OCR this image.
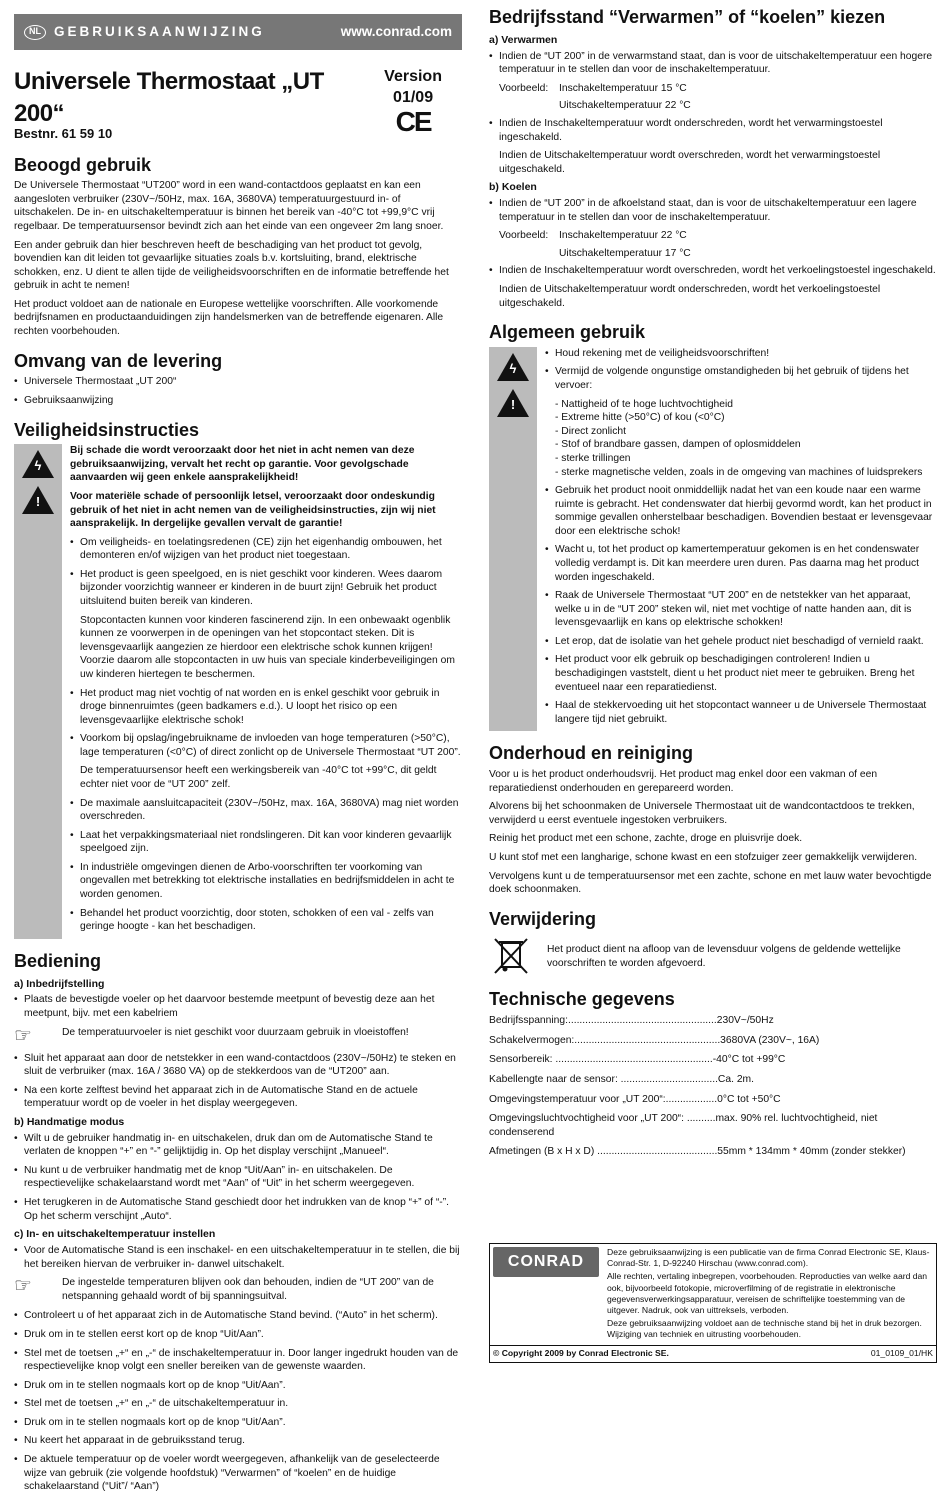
NL GEBRUIKSAANWIJZING	www.conrad.com
Universele Thermostaat „UT 200“
Bestnr. 61 59 10
Version 01/09
CE
Beoogd gebruik

De Universele Thermostaat “UT200” word in een wand-contactdoos geplaatst en kan een aangesloten verbruiker (230V~/50Hz, max. 16A, 3680VA) temperatuurgestuurd in- of uitschakelen. De in- en uitschakeltemperatuur is binnen het bereik van -40°C tot +99,9°C vrij regelbaar. De temperatuursensor bevindt zich aan het einde van een ongeveer 2m lang snoer.

Een ander gebruik dan hier beschreven heeft de beschadiging van het product tot gevolg, bovendien kan dit leiden tot gevaarlijke situaties zoals b.v. kortsluiting, brand, elektrische schokken, enz. U dient te allen tijde de veiligheidsvoorschriften en de informatie betreffende het gebruik in acht te nemen!

Het product voldoet aan de nationale en Europese wettelijke voorschriften. Alle voorkomende bedrijfsnamen en productaanduidingen zijn handelsmerken van de betreffende eigenaren. Alle rechten voorbehouden.

Omvang van de levering
• Universele Thermostaat „UT 200“
• Gebruiksaanwijzing
Veiligheidsinstructies
ϟ
!

Bij schade die wordt veroorzaakt door het niet in acht nemen van deze gebruiksaanwijzing, vervalt het recht op garantie. Voor gevolgschade aanvaarden wij geen enkele aansprakelijkheid!

Voor materiële schade of persoonlijk letsel, veroorzaakt door ondeskundig gebruik of het niet in acht nemen van de veiligheidsinstructies, zijn wij niet aansprakelijk. In dergelijke gevallen vervalt de garantie!

• Om veiligheids- en toelatingsredenen (CE) zijn het eigenhandig ombouwen, het demonteren en/of wijzigen van het product niet toegestaan.
• Het product is geen speelgoed, en is niet geschikt voor kinderen. Wees daarom bijzonder voorzichtig wanneer er kinderen in de buurt zijn! Gebruik het product uitsluitend buiten bereik van kinderen.

Stopcontacten kunnen voor kinderen fascinerend zijn. In een onbewaakt ogenblik kunnen ze voorwerpen in de openingen van het stopcontact steken. Dit is levensgevaarlijk aangezien ze hierdoor een elektrische schok kunnen krijgen! Voorzie daarom alle stopcontacten in uw huis van speciale kinderbeveiligingen om uw kinderen hiertegen te beschermen.

• Het product mag niet vochtig of nat worden en is enkel geschikt voor gebruik in droge binnenruimtes (geen badkamers e.d.). U loopt het risico op een levensgevaarlijke elektrische schok!
• Voorkom bij opslag/ingebruikname de invloeden van hoge temperaturen (>50°C), lage temperaturen (<0°C) of direct zonlicht op de Universele Thermostaat “UT 200”.

De temperatuursensor heeft een werkingsbereik van -40°C tot +99°C, dit geldt echter niet voor de “UT 200” zelf.

• De maximale aansluitcapaciteit (230V~/50Hz, max. 16A, 3680VA) mag niet worden overschreden.
• Laat het verpakkingsmateriaal niet rondslingeren. Dit kan voor kinderen gevaarlijk speelgoed zijn.
• In industriële omgevingen dienen de Arbo-voorschriften ter voorkoming van ongevallen met betrekking tot elektrische installaties en bedrijfsmiddelen in acht te worden genomen.
• Behandel het product voorzichtig, door stoten, schokken of een val - zelfs van geringe hoogte - kan het beschadigen.
Bediening
a) Inbedrijfstelling
• Plaats de bevestigde voeler op het daarvoor bestemde meetpunt of bevestig deze aan het meetpunt, bijv. met een kabelriem
☞	De temperatuurvoeler is niet geschikt voor duurzaam gebruik in vloeistoffen!
• Sluit het apparaat aan door de netstekker in een wand-contactdoos (230V~/50Hz) te steken en sluit de verbruiker (max. 16A / 3680 VA) op de stekkerdoos van de “UT200” aan.
• Na een korte zelftest bevind het apparaat zich in de Automatische Stand en de actuele temperatuur wordt op de voeler in het display weergegeven.
b) Handmatige modus
• Wilt u de gebruiker handmatig in- en uitschakelen, druk dan om de Automatische Stand te verlaten de knoppen “+” en “-” gelijktijdig in. Op het display verschijnt „Manueel“.
• Nu kunt u de verbruiker handmatig met de knop “Uit/Aan” in- en uitschakelen. De respectievelijke schakelaarstand wordt met “Aan” of “Uit” in het scherm weergegeven.
• Het terugkeren in de Automatische Stand geschiedt door het indrukken van de knop “+” of “-”. Op het scherm verschijnt „Auto“.
c) In- en uitschakeltemperatuur instellen
• Voor de Automatische Stand is een inschakel- en een uitschakeltemperatuur in te stellen, die bij het bereiken hiervan de verbruiker in- danwel uitschakelt.
☞	De ingestelde temperaturen blijven ook dan behouden, indien de “UT 200” van de netspanning gehaald wordt of bij spanningsuitval.
• Controleert u of het apparaat zich in de Automatische Stand bevind. (“Auto” in het scherm).
• Druk om in te stellen eerst kort op de knop “Uit/Aan”.
• Stel met de toetsen „+“ en „-“ de inschakeltemperatuur in. Door langer ingedrukt houden van de respectievelijke knop volgt een sneller bereiken van de gewenste waarden.
• Druk om in te stellen nogmaals kort op de knop “Uit/Aan”.
• Stel met de toetsen „+“ en „-“ de uitschakeltemperatuur in.
• Druk om in te stellen nogmaals kort op de knop “Uit/Aan”.
• Nu keert het apparaat in de gebruiksstand terug.
• De aktuele temperatuur op de voeler wordt weergegeven, afhankelijk van de geselecteerde wijze van gebruik (zie volgende hoofdstuk) “Verwarmen” of “koelen” en de huidige schakelaarstand (“Uit”/ “Aan”)
Bedrijfsstand “Verwarmen” of “koelen” kiezen
a) Verwarmen
• Indien de “UT 200” in de verwarmstand staat, dan is voor de uitschakeltemperatuur een hogere temperatuur in te stellen dan voor de inschakeltemperatuur.
Voorbeeld:	Inschakeltemperatuur 15 °C
Uitschakeltemperatuur 22 °C
• Indien de Inschakeltemperatuur wordt onderschreden, wordt het verwarmingstoestel ingeschakeld.

Indien de Uitschakeltemperatuur wordt overschreden, wordt het verwarmingstoestel uitgeschakeld.

b) Koelen
• Indien de “UT 200” in de afkoelstand staat, dan is voor de uitschakeltemperatuur een lagere temperatuur in te stellen dan voor de inschakeltemperatuur.
Voorbeeld:	Inschakeltemperatuur 22 °C
Uitschakeltemperatuur 17 °C
• Indien de Inschakeltemperatuur wordt overschreden, wordt het verkoelingstoestel ingeschakeld.

Indien de Uitschakeltemperatuur wordt onderschreden, wordt het verkoelingstoestel uitgeschakeld.

Algemeen gebruik
ϟ
!
• Houd rekening met de veiligheidsvoorschriften!
• Vermijd de volgende ongunstige omstandigheden bij het gebruik of tijdens het vervoer:
- Nattigheid of te hoge luchtvochtigheid
- Extreme hitte (>50°C) of kou (<0°C)
- Direct zonlicht
- Stof of brandbare gassen, dampen of oplosmiddelen
- sterke trillingen
- sterke magnetische velden, zoals in de omgeving van machines of luidsprekers
• Gebruik het product nooit onmiddellijk nadat het van een koude naar een warme ruimte is gebracht. Het condenswater dat hierbij gevormd wordt, kan het product in sommige gevallen onherstelbaar beschadigen. Bovendien bestaat er levensgevaar door een elektrische schok!
• Wacht u, tot het product op kamertemperatuur gekomen is en het condenswater volledig verdampt is. Dit kan meerdere uren duren. Pas daarna mag het product worden ingeschakeld.
• Raak de Universele Thermostaat “UT 200” en de netstekker van het apparaat, welke u in de “UT 200” steken wil, niet met vochtige of natte handen aan, dit is levensgevaarlijk en kans op elektrische schokken!
• Let erop, dat de isolatie van het gehele product niet beschadigd of vernield raakt.
• Het product voor elk gebruik op beschadigingen controleren! Indien u beschadigingen vaststelt, dient u het product niet meer te gebruiken. Breng het eventueel naar een reparatiedienst.
• Haal de stekkervoeding uit het stopcontact wanneer u de Universele Thermostaat langere tijd niet gebruikt.
Onderhoud en reiniging

Voor u is het product onderhoudsvrij. Het product mag enkel door een vakman of een reparatiedienst onderhouden en gerepareerd worden.

Alvorens bij het schoonmaken de Universele Thermostaat uit de wandcontactdoos te trekken, verwijderd u eerst eventuele ingestoken verbruikers.

Reinig het product met een schone, zachte, droge en pluisvrije doek.

U kunt stof met een langharige, schone kwast en een stofzuiger zeer gemakkelijk verwijderen.

Vervolgens kunt u de temperatuursensor met een zachte, schone en met lauw water bevochtigde doek schoonmaken.

Verwijdering

Het product dient na afloop van de levensduur volgens de geldende wettelijke voorschriften te worden afgevoerd.

Technische gegevens
Bedrijfsspanning:....................................................230V~/50Hz
Schakelvermogen:...................................................3680VA (230V~, 16A)
Sensorbereik: .......................................................-40°C tot +99°C
Kabellengte naar de sensor: ..................................Ca. 2m.
Omgevingstemperatuur voor „UT 200“:..................0°C tot +50°C
Omgevingsluchtvochtigheid voor „UT 200“: ..........max. 90% rel. luchtvochtigheid, niet condenserend
Afmetingen (B x H x D) ..........................................55mm * 134mm * 40mm (zonder stekker)
CONRAD

Deze gebruiksaanwijzing is een publicatie van de firma Conrad Electronic SE, Klaus-Conrad-Str. 1, D-92240 Hirschau (www.conrad.com).

Alle rechten, vertaling inbegrepen, voorbehouden. Reproducties van welke aard dan ook, bijvoorbeeld fotokopie, microverfilming of de registratie in elektronische gegevensverwerkingsapparatuur, vereisen de schriftelijke toestemming van de uitgever. Nadruk, ook van uittreksels, verboden.

Deze gebruiksaanwijzing voldoet aan de technische stand bij het in druk bezorgen. Wijziging van techniek en uitrusting voorbehouden.

© Copyright 2009 by Conrad Electronic SE.	01_0109_01/HK
